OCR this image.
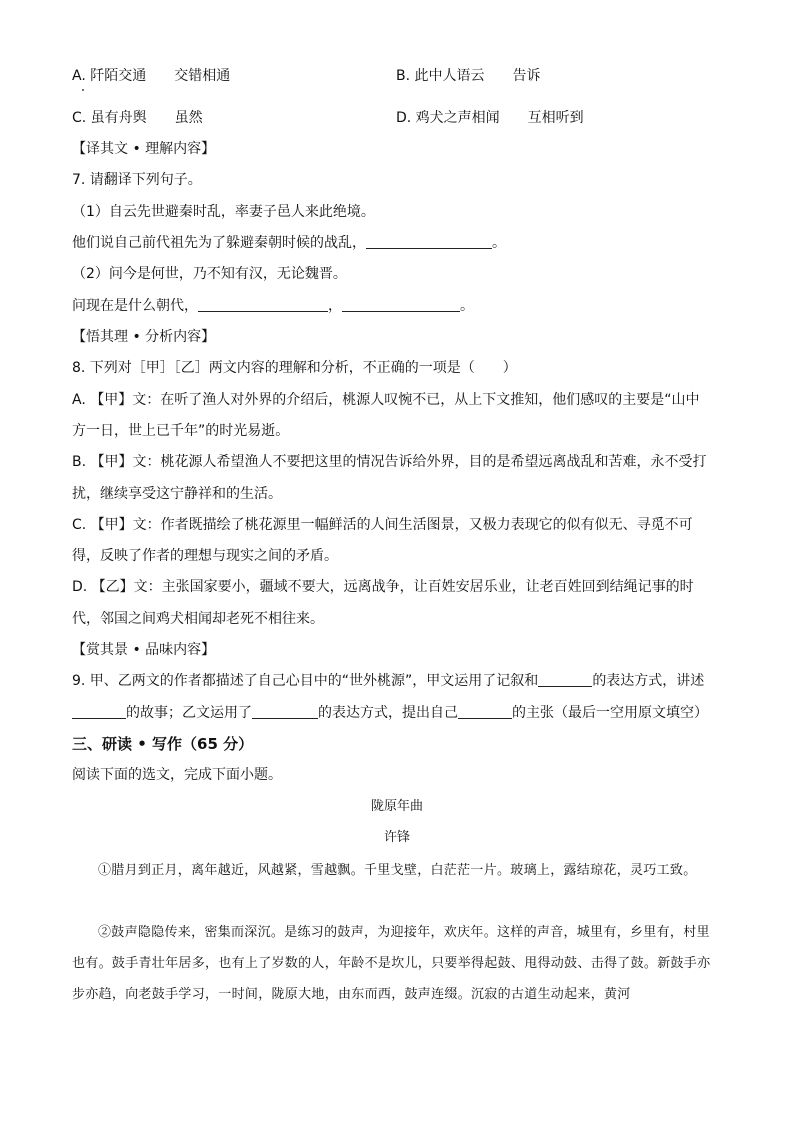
A. 阡陌交通　　交错相通	B. 此中人语云　　告诉
C. 虽有舟舆　　虽然	D. 鸡犬之声相闻　　互相听到
【译其文 • 理解内容】
7. 请翻译下列句子。
（1）自云先世避秦时乱，率妻子邑人来此绝境。
他们说自己前代祖先为了躲避秦朝时候的战乱，	。
（2）问今是何世，乃不知有汉，无论魏晋。
问现在是什么朝代，	，	。
【悟其理 • 分析内容】
8. 下列对［甲］［乙］两文内容的理解和分析，不正确的一项是（　　）
A. 【甲】文：在听了渔人对外界的介绍后，桃源人叹惋不已，从上下文推知，他们感叹的主要是“山中
方一日，世上已千年”的时光易逝。
B. 【甲】文：桃花源人希望渔人不要把这里的情况告诉给外界，目的是希望远离战乱和苦难，永不受打
扰，继续享受这宁静祥和的生活。
C. 【甲】文：作者既描绘了桃花源里一幅鲜活的人间生活图景，又极力表现它的似有似无、寻觅不可
得，反映了作者的理想与现实之间的矛盾。
D. 【乙】文：主张国家要小，疆域不要大，远离战争，让百姓安居乐业，让老百姓回到结绳记事的时
代，邻国之间鸡犬相闻却老死不相往来。
【赏其景 • 品味内容】
9. 甲、乙两文的作者都描述了自己心目中的“世外桃源”，甲文运用了记叙和	的表达方式，讲述
的故事；乙文运用了	的表达方式，提出自己	的主张（最后一空用原文填空）
三、研读 • 写作（65 分）
阅读下面的选文，完成下面小题。
陇原年曲
许锋
①腊月到正月，离年越近，风越紧，雪越飘。千里戈壁，白茫茫一片。玻璃上，露结琼花，灵巧工致。
②鼓声隐隐传来，密集而深沉。是练习的鼓声，为迎接年，欢庆年。这样的声音，城里有，乡里有，村里也有。鼓手青壮年居多，也有上了岁数的人，年龄不是坎儿，只要举得起鼓、甩得动鼓、击得了鼓。新鼓手亦步亦趋，向老鼓手学习，一时间，陇原大地，由东而西，鼓声连缀。沉寂的古道生动起来，黄河
